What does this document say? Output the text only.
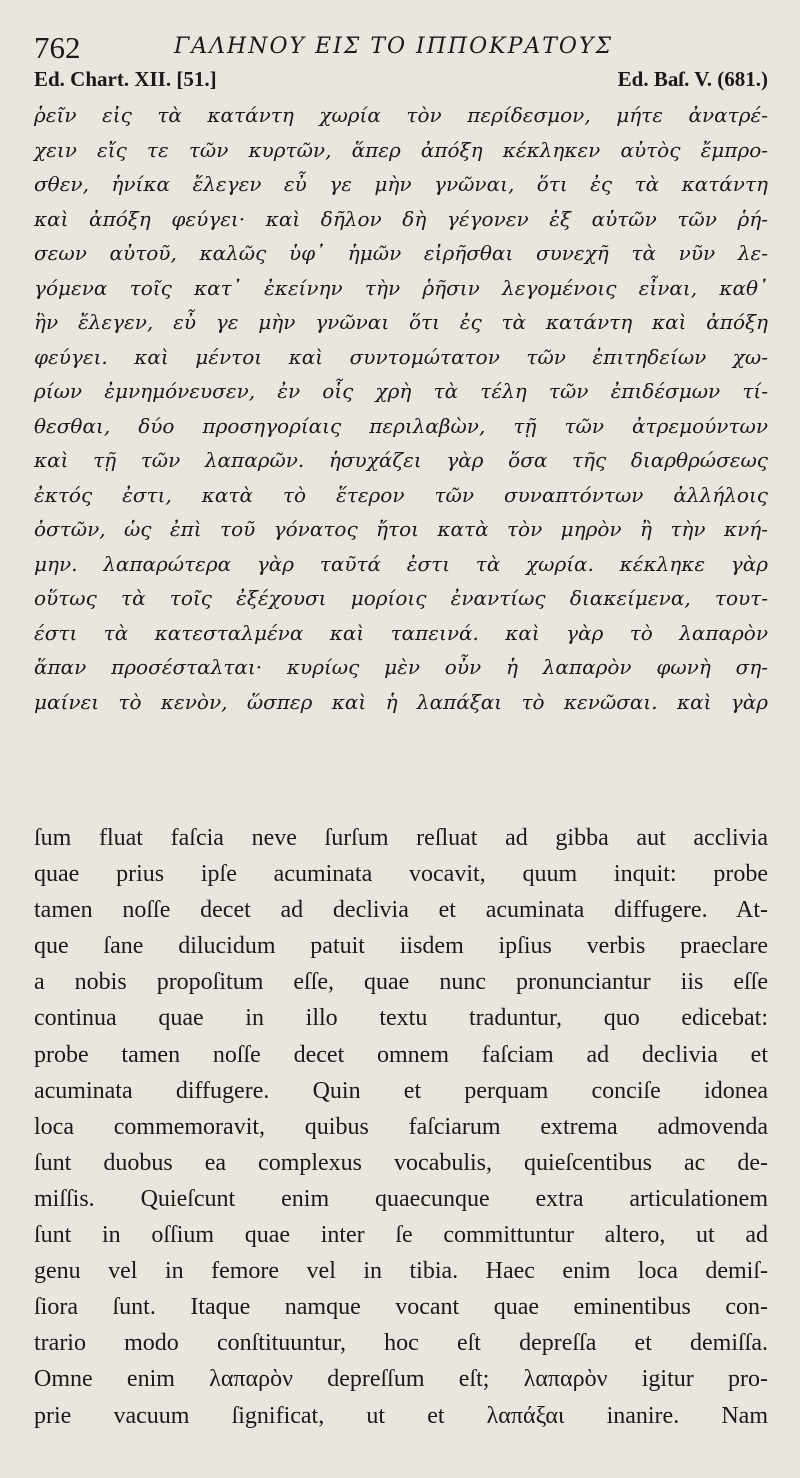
762	ΓΑΛΗΝΟΥ ΕΙΣ ΤΟ ΙΠΠΟΚΡΑΤΟΥΣ
Ed. Chart. XII. [51.]	Ed. Baſ. V. (681.)
ῥεῖν εἰς τὰ κατάντη χωρία τὸν περίδεσμον, μήτε ἀνατρέ-
χειν εἴς τε τῶν κυρτῶν, ἅπερ ἀπόξη κέκληκεν αὐτὸς ἔμπρο-
σθεν, ἡνίκα ἔλεγεν εὖ γε μὴν γνῶναι, ὅτι ἐς τὰ κατάντη
καὶ ἀπόξη φεύγει· καὶ δῆλον δὴ γέγονεν ἐξ αὐτῶν τῶν ῥή-
σεων αὐτοῦ, καλῶς ὑφ᾽ ἡμῶν εἰρῆσθαι συνεχῆ τὰ νῦν λε-
γόμενα τοῖς κατ᾽ ἐκείνην τὴν ῥῆσιν λεγομένοις εἶναι, καθ᾽
ἣν ἔλεγεν, εὖ γε μὴν γνῶναι ὅτι ἐς τὰ κατάντη καὶ ἀπόξη
φεύγει. καὶ μέντοι καὶ συντομώτατον τῶν ἐπιτηδείων χω-
ρίων ἐμνημόνευσεν, ἐν οἷς χρὴ τὰ τέλη τῶν ἐπιδέσμων τί-
θεσθαι, δύο προσηγορίαις περιλαβὼν, τῇ τῶν ἀτρεμούντων
καὶ τῇ τῶν λαπαρῶν. ἡσυχάζει γὰρ ὅσα τῆς διαρθρώσεως
ἐκτός ἐστι, κατὰ τὸ ἕτερον τῶν συναπτόντων ἀλλήλοις
ὀστῶν, ὡς ἐπὶ τοῦ γόνατος ἤτοι κατὰ τὸν μηρὸν ἢ τὴν κνή-
μην. λαπαρώτερα γὰρ ταῦτά ἐστι τὰ χωρία. κέκληκε γὰρ
οὕτως τὰ τοῖς ἐξέχουσι μορίοις ἐναντίως διακείμενα, τουτ-
έστι τὰ κατεσταλμένα καὶ ταπεινά. καὶ γὰρ τὸ λαπαρὸν
ἅπαν προσέσταλται· κυρίως μὲν οὖν ἡ λαπαρὸν φωνὴ ση-
μαίνει τὸ κενὸν, ὥσπερ καὶ ἡ λαπάξαι τὸ κενῶσαι. καὶ γὰρ
ſum fluat faſcia neve ſurſum reſluat ad gibba aut acclivia
quae prius ipſe acuminata vocavit, quum inquit: probe
tamen noſſe decet ad declivia et acuminata diffugere. At-
que ſane dilucidum patuit iisdem ipſius verbis praeclare
a nobis propoſitum eſſe, quae nunc pronunciantur iis eſſe
continua quae in illo textu traduntur, quo edicebat:
probe tamen noſſe decet omnem faſciam ad declivia et
acuminata diffugere. Quin et perquam conciſe idonea
loca commemoravit, quibus faſciarum extrema admovenda
ſunt duobus ea complexus vocabulis, quieſcentibus ac de-
miſſis. Quieſcunt enim quaecunque extra articulationem
ſunt in oſſium quae inter ſe committuntur altero, ut ad
genu vel in femore vel in tibia. Haec enim loca demiſ-
ſiora ſunt. Itaque namque vocant quae eminentibus con-
trario modo conſtituuntur, hoc eſt depreſſa et demiſſa.
Omne enim λαπαρὸν depreſſum eſt; λαπαρὸν igitur pro-
prie vacuum ſignificat, ut et λαπάξαι inanire. Nam
